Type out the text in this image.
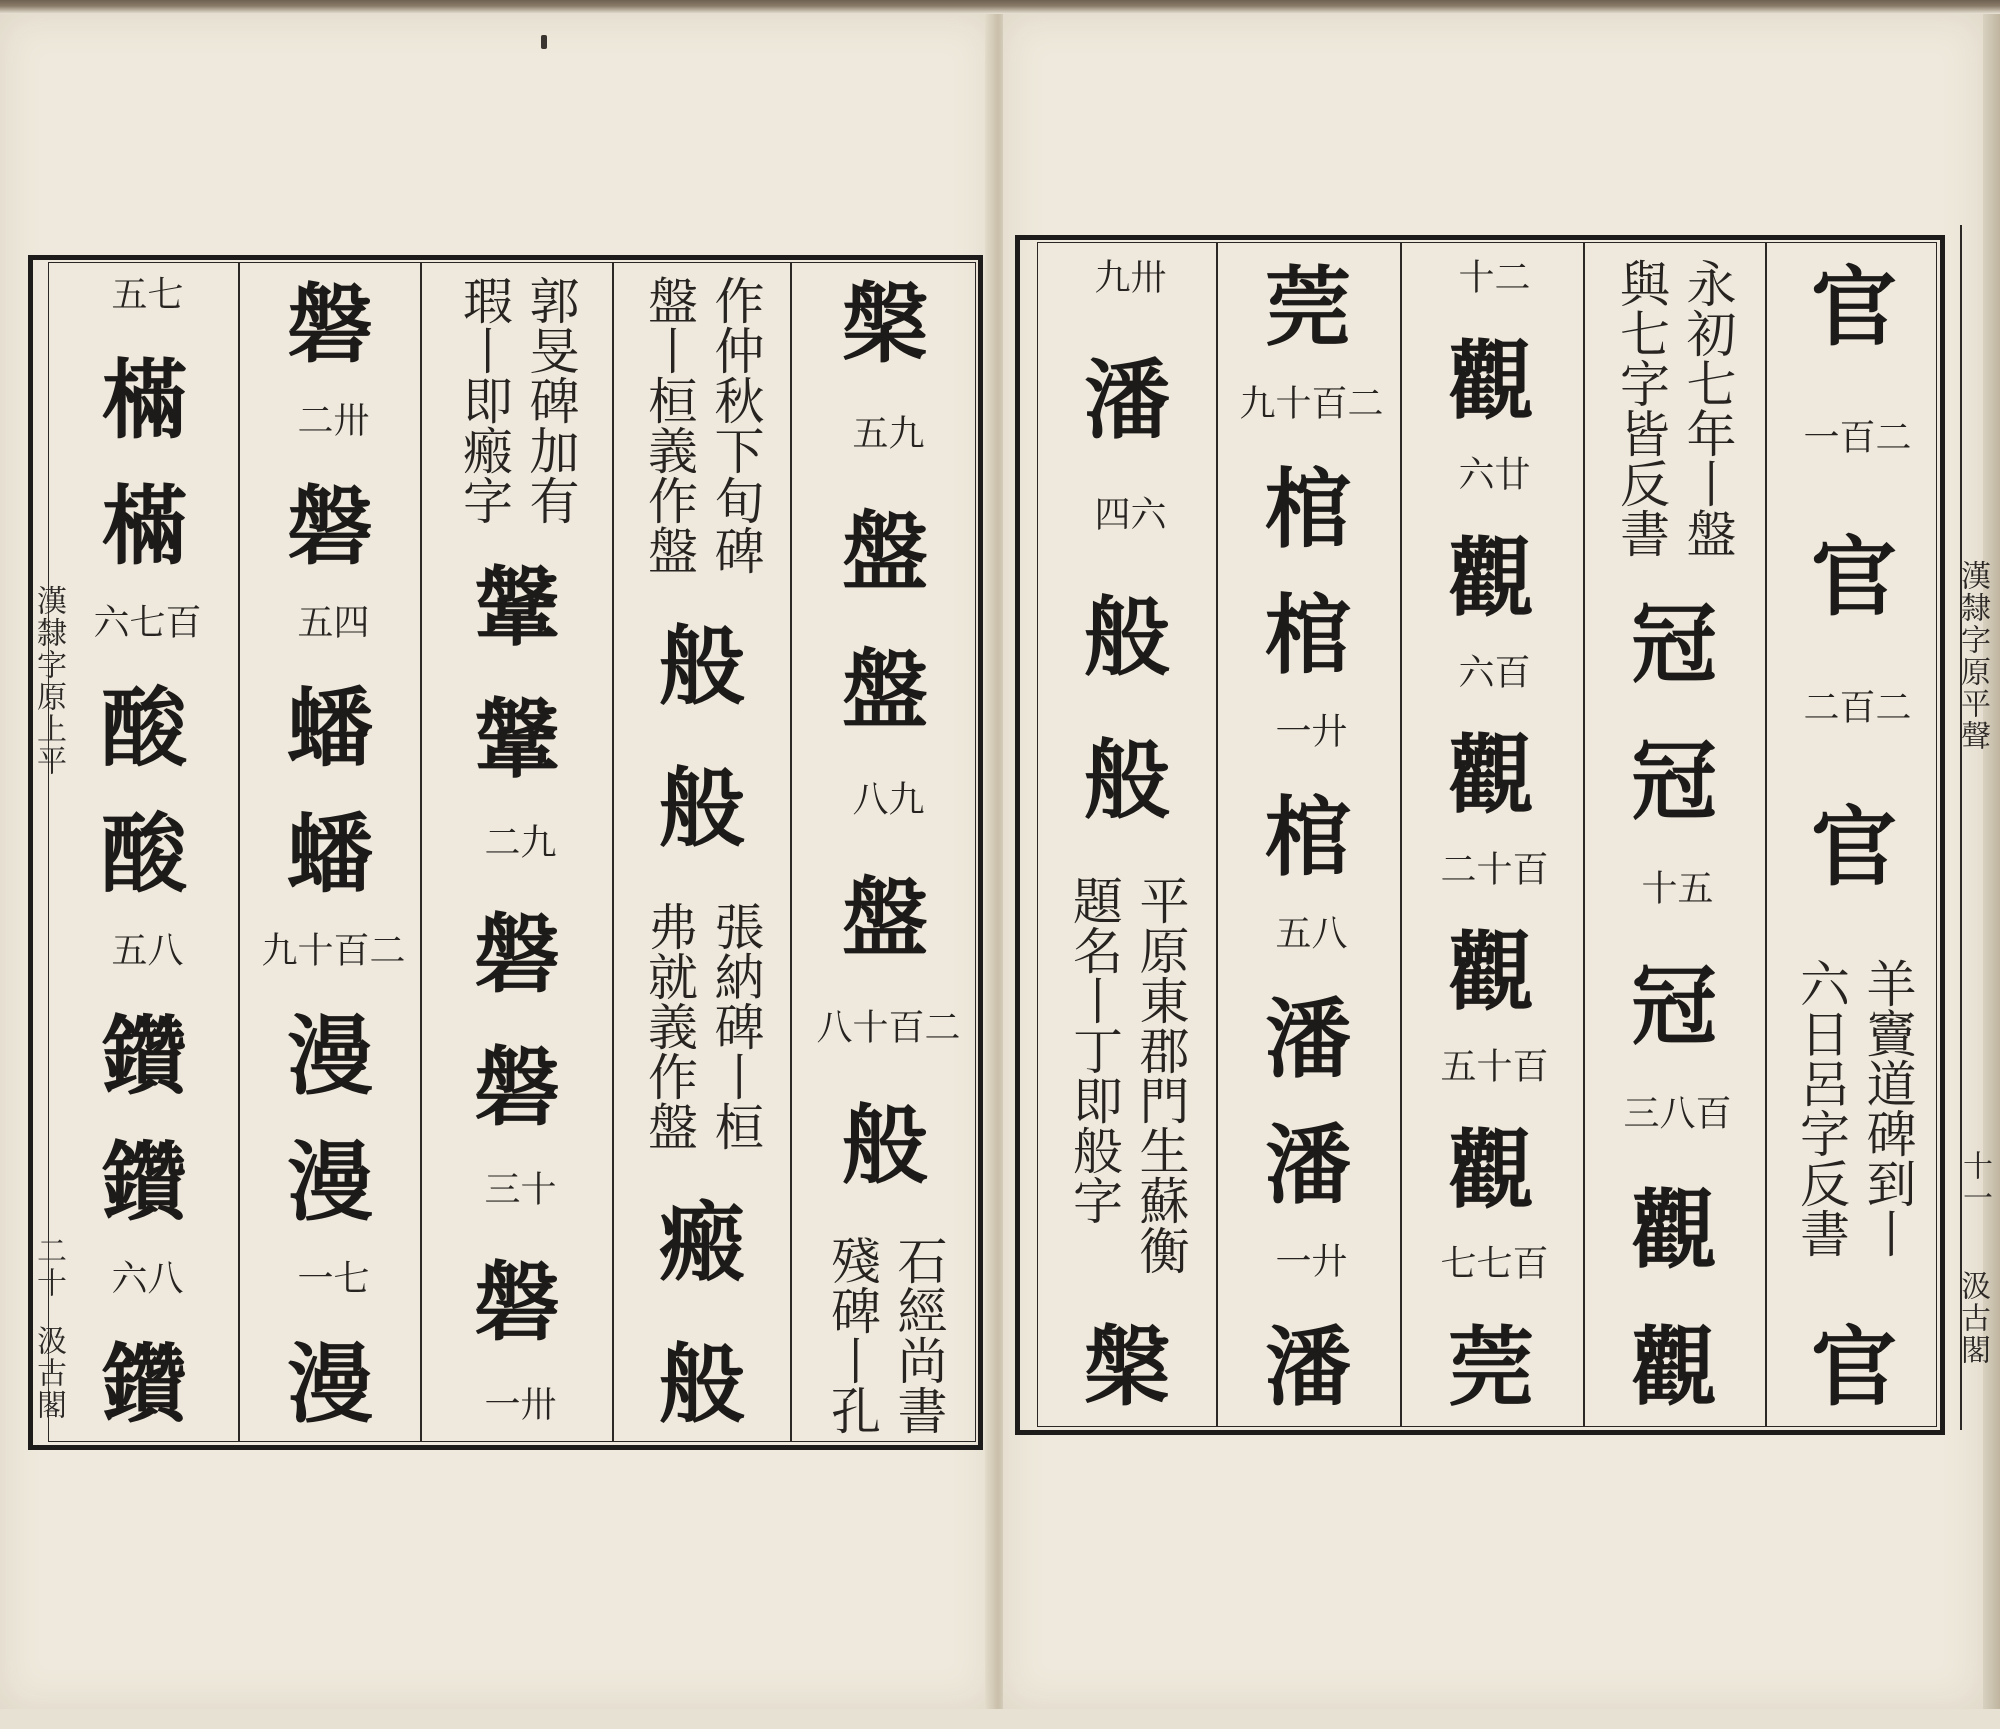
漢隸字原上平
二十
汲古閣
漢隸字原平聲
十一
汲古閣
官
二百 一
官
二百 二
官
羊竇道碑到丨
六日呂字反書
官
永初七年丨盤
與七字皆反書
冠
冠
五 十
冠
百八 三
觀
觀
二 十
觀
廿 六
觀
百 六
觀
百十 二
觀
百十 五
觀
百七 七
莞
莞
二百 十九
棺
棺
廾 一
棺
八 五
潘
潘
廾 一
潘
卅 九
潘
六 四
般
般
平原東郡門生蘇衡
題名丨丁即般字
槃
槃
九 五
盤
盤
九 八
盤
二百 十八
般
石經尚書
殘碑丨孔
作仲秋下旬碑
盤丨桓義作盤
般
般
張納碑丨桓
弗就義作盤
瘢
般
郭旻碑加有
瑕丨即瘢字
鞶
鞶
九 二
磐
磐
十 三
磐
卅 一
磐
卅 二
磐
四 五
蟠
蟠
二百 十九
漫
漫
七 一
漫
七 五
樠
樠
百七 六
酸
酸
八 五
鑽
鑽
八 六
鑽
